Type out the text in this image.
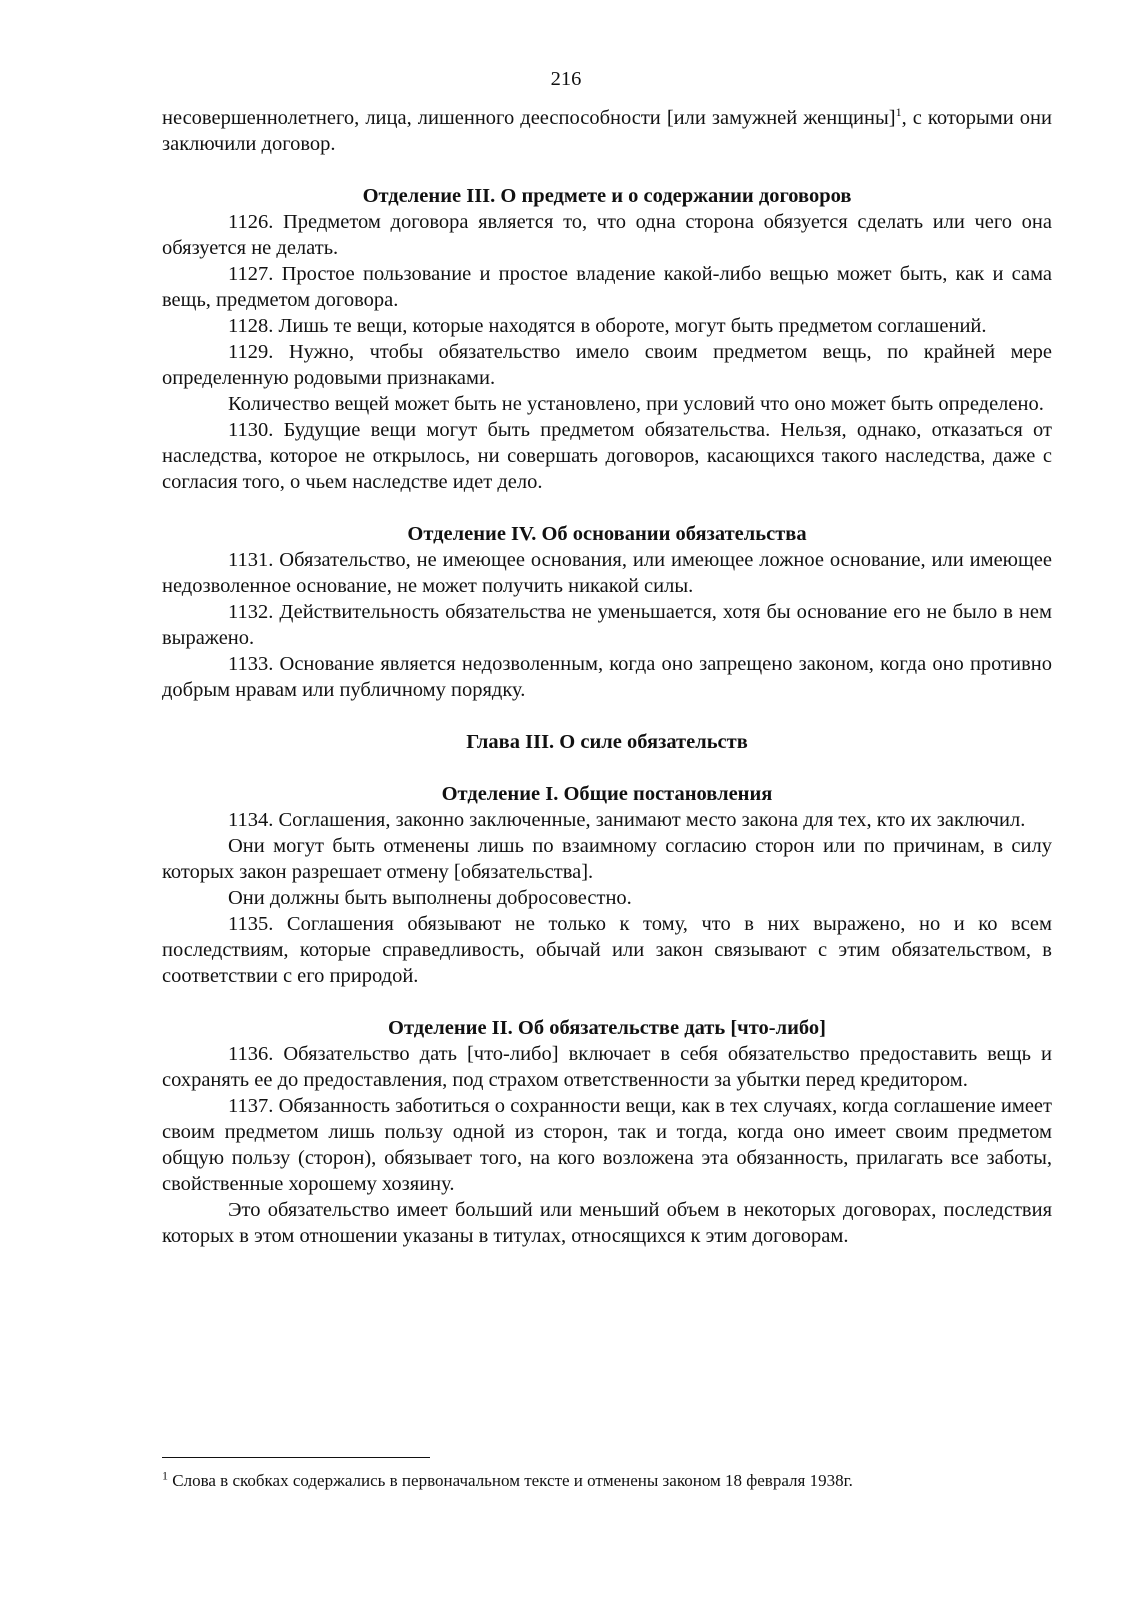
216

несовершеннолетнего, лица, лишенного дееспособности [или замужней женщины]$^1$, с которыми они заключили договор.

Отделение III. О предмете и о содержании договоров

1126. Предметом договора является то, что одна сторона обязуется сделать или чего она обязуется не делать.

1127. Простое пользование и простое владение какой-либо вещью может быть, как и сама вещь, предметом договора.

1128. Лишь те вещи, которые находятся в обороте, могут быть предметом соглашений.

1129. Нужно, чтобы обязательство имело своим предметом вещь, по крайней мере определенную родовыми признаками.

Количество вещей может быть не установлено, при условий что оно может быть определено.

1130. Будущие вещи могут быть предметом обязательства. Нельзя, однако, отказаться от наследства, которое не открылось, ни совершать договоров, касающихся такого наследства, даже с согласия того, о чьем наследстве идет дело.

Отделение IV. Об основании обязательства

1131. Обязательство, не имеющее основания, или имеющее ложное основание, или имеющее недозволенное основание, не может получить никакой силы.

1132. Действительность обязательства не уменьшается, хотя бы основание его не было в нем выражено.

1133. Основание является недозволенным, когда оно запрещено законом, когда оно противно добрым нравам или публичному порядку.

Глава III. О силе обязательств
Отделение I. Общие постановления

1134. Соглашения, законно заключенные, занимают место закона для тех, кто их заключил.

Они могут быть отменены лишь по взаимному согласию сторон или по причинам, в силу которых закон разрешает отмену [обязательства].

Они должны быть выполнены добросовестно.

1135. Соглашения обязывают не только к тому, что в них выражено, но и ко всем последствиям, которые справедливость, обычай или закон связывают с этим обязательством, в соответствии с его природой.

Отделение II. Об обязательстве дать [что-либо]

1136. Обязательство дать [что-либо] включает в себя обязательство предоставить вещь и сохранять ее до предоставления, под страхом ответственности за убытки перед кредитором.

1137. Обязанность заботиться о сохранности вещи, как в тех случаях, когда соглашение имеет своим предметом лишь пользу одной из сторон, так и тогда, когда оно имеет своим предметом общую пользу (сторон), обязывает того, на кого возложена эта обязанность, прилагать все заботы, свойственные хорошему хозяину.

Это обязательство имеет больший или меньший объем в некоторых договорах, последствия которых в этом отношении указаны в титулах, относящихся к этим договорам.

$^1$ Слова в скобках содержались в первоначальном тексте и отменены законом 18 февраля 1938г.
